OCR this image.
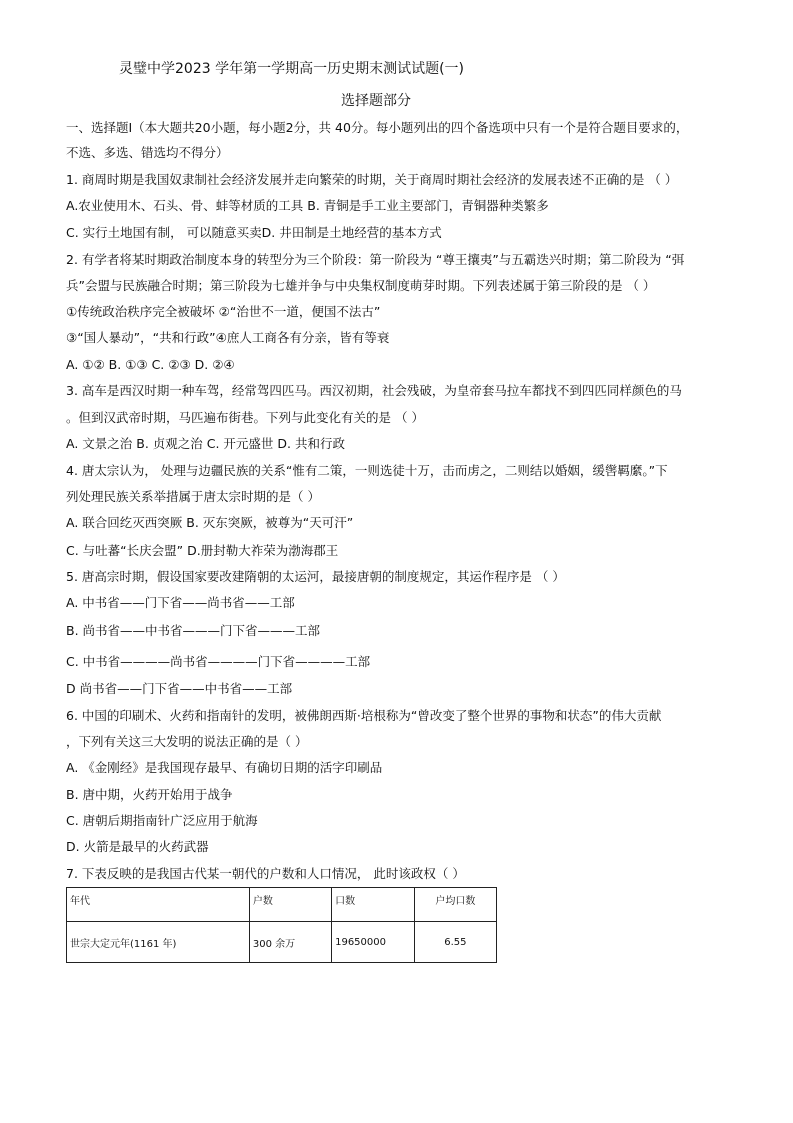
灵璧中学2023 学年第一学期高一历史期末测试试题(一)
选择题部分
一、选择题Ⅰ（本大题共20小题，每小题2分，共 40分。每小题列出的四个备选项中只有一个是符合题目要求的，
不选、多选、错选均不得分）
1. 商周时期是我国奴隶制社会经济发展并走向繁荣的时期，关于商周时期社会经济的发展表述不正确的是 （ ）
A.农业使用木、石头、骨、蚌等材质的工具 B. 青铜是手工业主要部门，青铜器种类繁多
C. 实行土地国有制， 可以随意买卖D. 井田制是土地经营的基本方式
2. 有学者将某时期政治制度本身的转型分为三个阶段：第一阶段为 “尊王攘夷”与五霸迭兴时期；第二阶段为 “弭
兵”会盟与民族融合时期；第三阶段为七雄并争与中央集权制度萌芽时期。下列表述属于第三阶段的是 （ ）
①传统政治秩序完全被破坏 ②“治世不一道，便国不法古”
③“国人暴动”，“共和行政”④庶人工商各有分亲，皆有等衰
A. ①② B. ①③ C. ②③ D. ②④
3. 高车是西汉时期一种车驾，经常驾四匹马。西汉初期，社会残破，为皇帝套马拉车都找不到四匹同样颜色的马
。但到汉武帝时期，马匹遍布街巷。下列与此变化有关的是 （ ）
A. 文景之治 B. 贞观之治 C. 开元盛世 D. 共和行政
4. 唐太宗认为， 处理与边疆民族的关系“惟有二策，一则选徒十万，击而虏之，二则结以婚姻，缓辔羁縻。”下
列处理民族关系举措属于唐太宗时期的是（ ）
A. 联合回纥灭西突厥 B. 灭东突厥，被尊为“天可汗”
C. 与吐蕃“长庆会盟” D.册封勒大祚荣为渤海郡王
5. 唐高宗时期，假设国家要改建隋朝的太运河，最接唐朝的制度规定，其运作程序是 （ ）
A. 中书省——门下省——尚书省——工部
B. 尚书省——中书省———门下省———工部
C. 中书省————尚书省————门下省————工部
D 尚书省——门下省——中书省——工部
6. 中国的印刷术、火药和指南针的发明，被佛朗西斯·培根称为“曾改变了整个世界的事物和状态”的伟大贡献
，下列有关这三大发明的说法正确的是（ ）
A. 《金刚经》是我国现存最早、有确切日期的活字印刷品
B. 唐中期，火药开始用于战争
C. 唐朝后期指南针广泛应用于航海
D. 火箭是最早的火药武器
7. 下表反映的是我国古代某一朝代的户数和人口情况， 此时该政权（ ）
年代	户数	口数	户均口数
世宗大定元年(1161 年)	300 余万	19650000	6.55
